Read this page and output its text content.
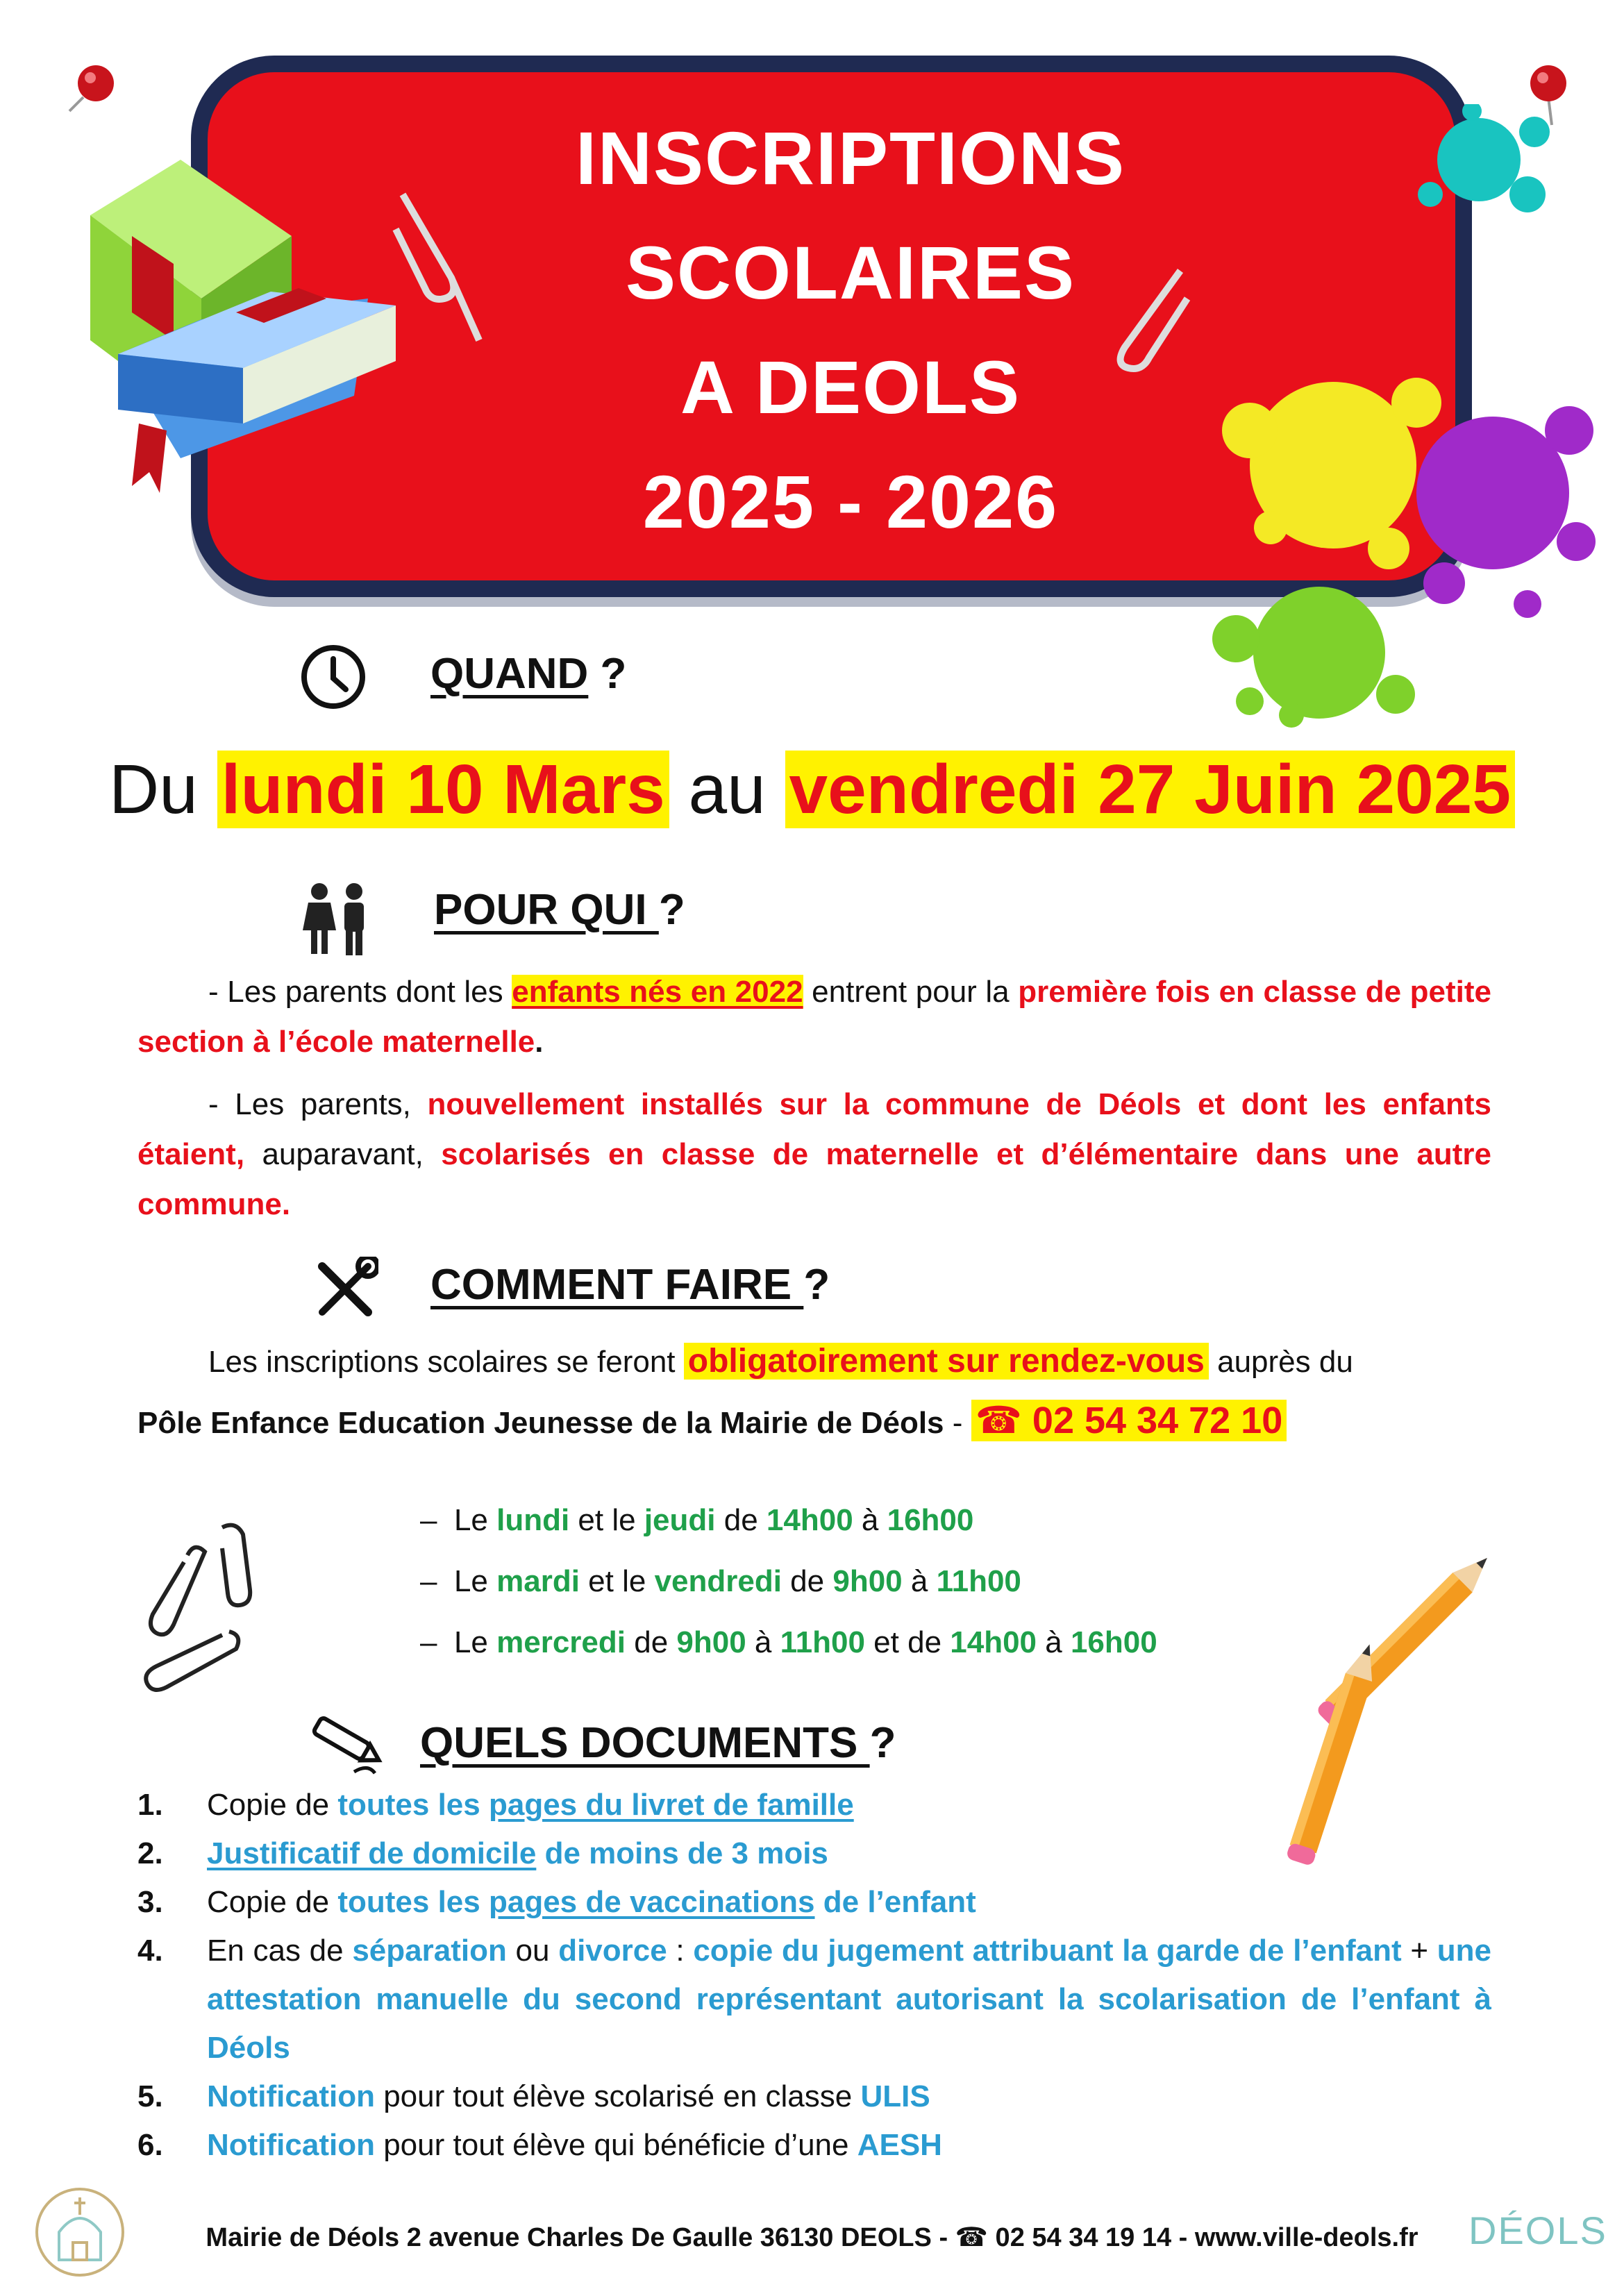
INSCRIPTIONS
SCOLAIRES
A DEOLS
2025 - 2026
QUAND ?
Du lundi 10 Mars au vendredi 27 Juin 2025
POUR QUI ?
- Les parents dont les enfants nés en 2022 entrent pour la première fois en classe de petite section à l’école maternelle.
- Les parents, nouvellement installés sur la commune de Déols et dont les enfants étaient, auparavant, scolarisés en classe de maternelle et d’élémentaire dans une autre commune.
COMMENT FAIRE ?
Les inscriptions scolaires se feront obligatoirement sur rendez-vous auprès du
Pôle Enfance Education Jeunesse de la Mairie de Déols - ☎ 02 54 34 72 10
– Le lundi et le jeudi de 14h00 à 16h00
– Le mardi et le vendredi de 9h00 à 11h00
– Le mercredi de 9h00 à 11h00 et de 14h00 à 16h00
QUELS DOCUMENTS ?
1.	Copie de toutes les pages du livret de famille
2.	Justificatif de domicile de moins de 3 mois
3.	Copie de toutes les pages de vaccinations de l’enfant
4.	En cas de séparation ou divorce : copie du jugement attribuant la garde de l’enfant + une attestation manuelle du second représentant autorisant la scolarisation de l’enfant à Déols
5.	Notification pour tout élève scolarisé en classe ULIS
6.	Notification pour tout élève qui bénéficie d’une AESH
Mairie de Déols 2 avenue Charles De Gaulle 36130 DEOLS - ☎ 02 54 34 19 14 - www.ville-deols.fr	DÉOLS
